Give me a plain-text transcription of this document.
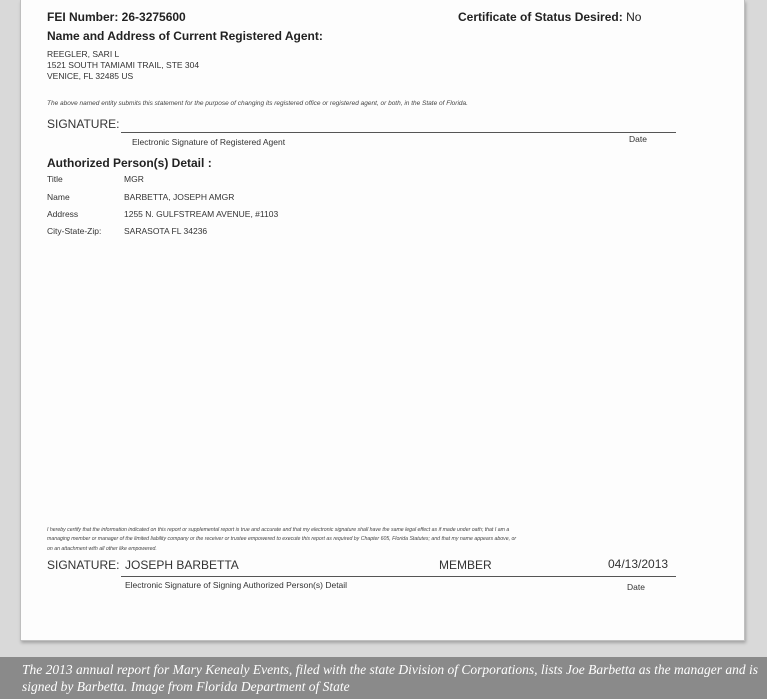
FEI Number: 26-3275600	Certificate of Status Desired: No
Name and Address of Current Registered Agent:
REEGLER, SARI L
1521 SOUTH TAMIAMI TRAIL, STE 304
VENICE, FL 32485 US
The above named entity submits this statement for the purpose of changing its registered office or registered agent, or both, in the State of Florida.
SIGNATURE:
Electronic Signature of Registered Agent	Date
Authorized Person(s) Detail :
Title	MGR
Name	BARBETTA, JOSEPH AMGR
Address	1255 N. GULFSTREAM AVENUE, #1103
City-State-Zip:	SARASOTA FL 34236
I hereby certify that the information indicated on this report or supplemental report is true and accurate and that my electronic signature shall have the same legal effect as if made under oath; that I am a
managing member or manager of the limited liability company or the receiver or trustee empowered to execute this report as required by Chapter 605, Florida Statutes; and that my name appears above, or
on an attachment with all other like empowered.
SIGNATURE: JOSEPH BARBETTA	MEMBER	04/13/2013
Electronic Signature of Signing Authorized Person(s) Detail	Date
The 2013 annual report for Mary Kenealy Events, filed with the state Division of Corporations, lists Joe Barbetta as the manager and is signed by Barbetta. Image from Florida Department of State
